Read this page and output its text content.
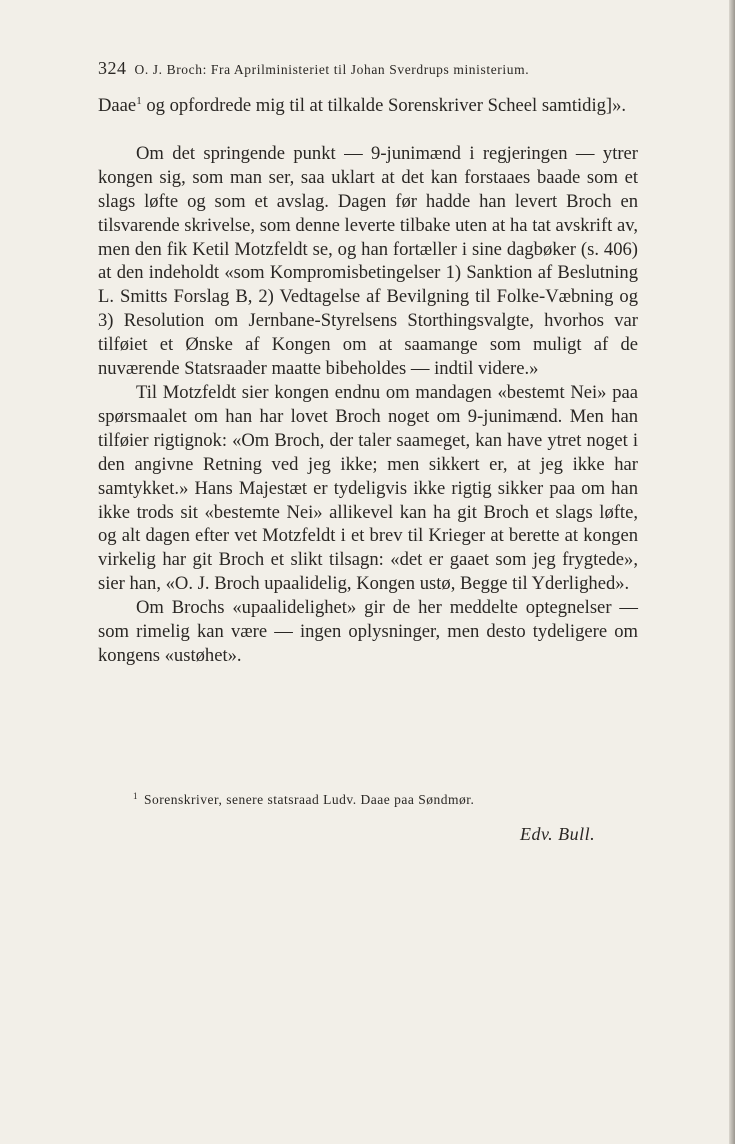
324 O. J. Broch: Fra Aprilministeriet til Johan Sverdrups ministerium.

Daae$^1$ og opfordrede mig til at tilkalde Sorenskriver Scheel samtidig]».

Om det springende punkt — 9-junimænd i regjeringen — ytrer kongen sig, som man ser, saa uklart at det kan forstaaes baade som et slags løfte og som et avslag. Dagen før hadde han levert Broch en tilsvarende skrivelse, som denne leverte tilbake uten at ha tat avskrift av, men den fik Ketil Motzfeldt se, og han fortæller i sine dagbøker (s. 406) at den indeholdt «som Kompromisbetingelser 1) Sanktion af Beslutning L. Smitts Forslag B, 2) Vedtagelse af Bevilgning til Folke-Væbning og 3) Resolution om Jernbane-Styrelsens Storthingsvalgte, hvorhos var tilføiet et Ønske af Kongen om at saamange som muligt af de nuværende Statsraader maatte bibeholdes — indtil videre.»

Til Motzfeldt sier kongen endnu om mandagen «bestemt Nei» paa spørsmaalet om han har lovet Broch noget om 9-junimænd. Men han tilføier rigtignok: «Om Broch, der taler saameget, kan have ytret noget i den angivne Retning ved jeg ikke; men sikkert er, at jeg ikke har samtykket.» Hans Majestæt er tydeligvis ikke rigtig sikker paa om han ikke trods sit «bestemte Nei» allikevel kan ha git Broch et slags løfte, og alt dagen efter vet Motzfeldt i et brev til Krieger at berette at kongen virkelig har git Broch et slikt tilsagn: «det er gaaet som jeg frygtede», sier han, «O. J. Broch upaalidelig, Kongen ustø, Begge til Yderlighed».

Om Brochs «upaalidelighet» gir de her meddelte optegnelser — som rimelig kan være — ingen oplysninger, men desto tydeligere om kongens «ustøhet».

$^1$ Sorenskriver, senere statsraad Ludv. Daae paa Søndmør.
Edv. Bull.
